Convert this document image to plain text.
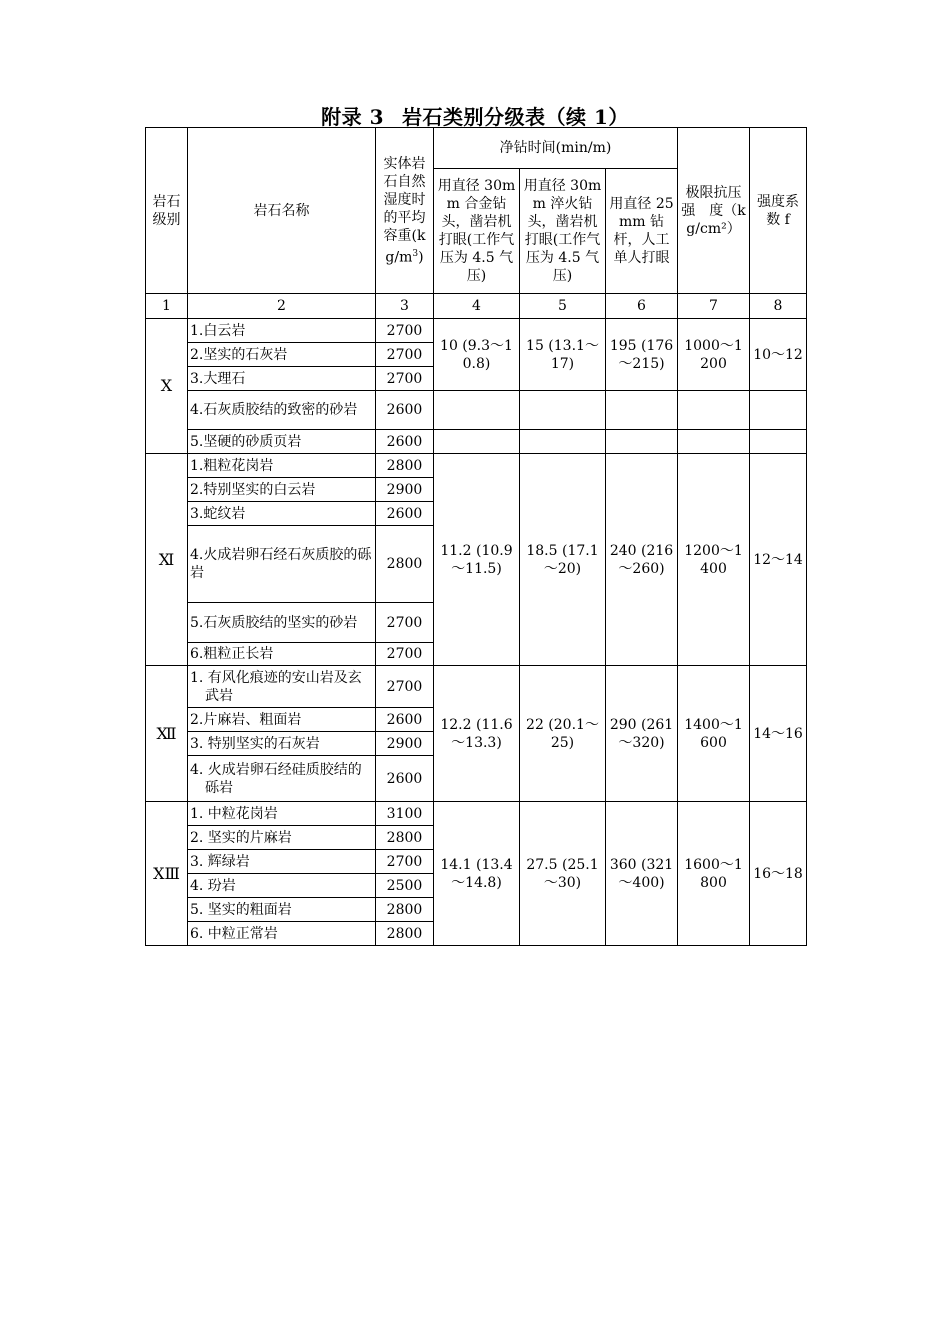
附录 3 岩石类别分级表（续 1）
岩石级别	岩石名称	实体岩石自然湿度时的平均容重$(kg/m^3)$	净钻时间(min/m)			极限抗压强　度（kg/cm²）	强度系数 f
			用直径 30mm 合金钻头，凿岩机打眼(工作气压为 4.5 气压)	用直径 30mm 淬火钻头，凿岩机打眼(工作气压为 4.5 气压)	用直径 25mm 钻杆，人工单人打眼		
1	2	3	4	5	6	7	8
Ⅹ	1.白云岩	2700	10 (9.3～10.8)	15 (13.1～17)	195 (176～215)	1000～1200	10～12
	2.坚实的石灰岩	2700					
	3.大理石	2700					
	4.石灰质胶结的致密的砂岩	2600					
	5.坚硬的砂质页岩	2600					
Ⅺ	1.粗粒花岗岩	2800	11.2 (10.9～11.5)	18.5 (17.1～20)	240 (216～260)	1200～1400	12～14
	2.特别坚实的白云岩	2900					
	3.蛇纹岩	2600					
	4.火成岩卵石经石灰质胶的砾岩	2800					
	5.石灰质胶结的坚实的砂岩	2700					
	6.粗粒正长岩	2700					
Ⅻ	1. 有风化痕迹的安山岩及玄武岩	2700	12.2 (11.6～13.3)	22 (20.1～25)	290 (261～320)	1400～1600	14～16
	2.片麻岩、粗面岩	2600					
	3. 特别坚实的石灰岩	2900					
	4. 火成岩卵石经硅质胶结的砾岩	2600					
ⅩⅢ	1. 中粒花岗岩	3100	14.1 (13.4～14.8)	27.5 (25.1～30)	360 (321～400)	1600～1800	16～18
	2. 坚实的片麻岩	2800					
	3. 辉绿岩	2700					
	4. 玢岩	2500					
	5. 坚实的粗面岩	2800					
	6. 中粒正常岩	2800					
